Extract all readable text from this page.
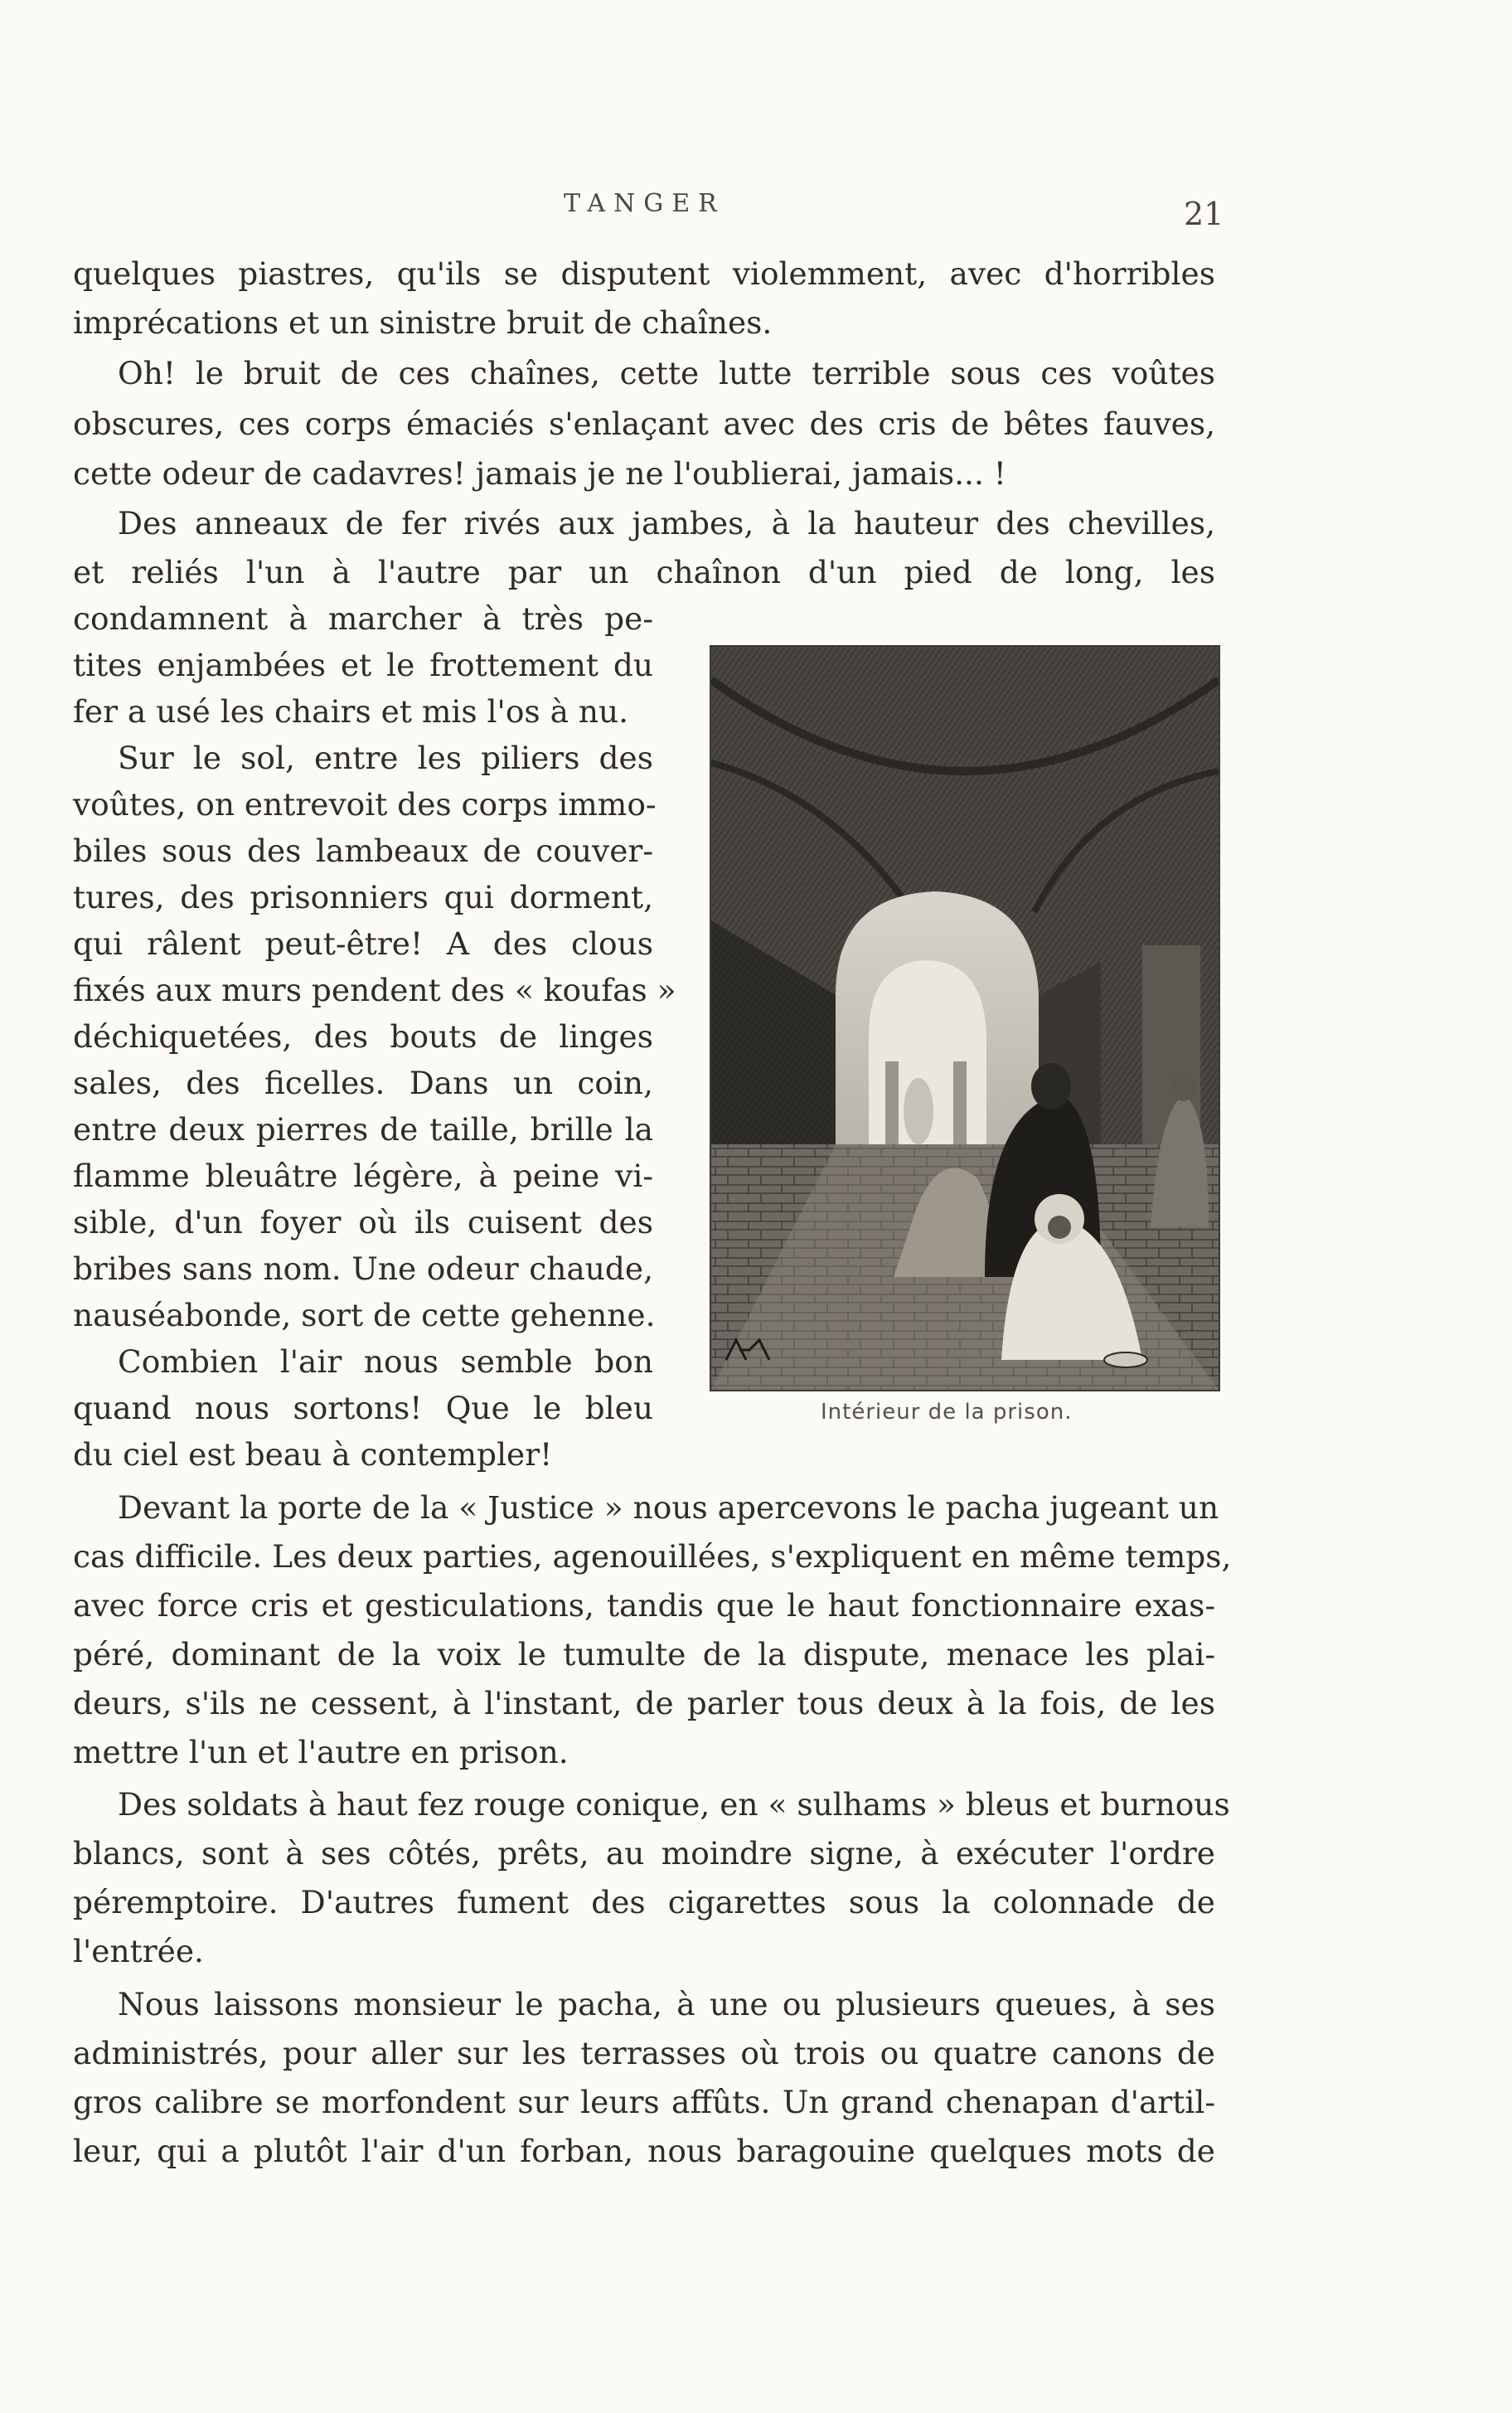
TANGER	21
quelques piastres, qu'ils se disputent violemment, avec d'horribles
imprécations et un sinistre bruit de chaînes.
Oh! le bruit de ces chaînes, cette lutte terrible sous ces voûtes
obscures, ces corps émaciés s'enlaçant avec des cris de bêtes fauves,
cette odeur de cadavres! jamais je ne l'oublierai, jamais... !
Des anneaux de fer rivés aux jambes, à la hauteur des chevilles,
et reliés l'un à l'autre par un chaînon d'un pied de long, les
condamnent à marcher à très pe-
tites enjambées et le frottement du
fer a usé les chairs et mis l'os à nu.
Sur le sol, entre les piliers des
voûtes, on entrevoit des corps immo-
biles sous des lambeaux de couver-
tures, des prisonniers qui dorment,
qui râlent peut-être! A des clous
fixés aux murs pendent des « koufas »
déchiquetées, des bouts de linges
sales, des ficelles. Dans un coin,
entre deux pierres de taille, brille la
flamme bleuâtre légère, à peine vi-
sible, d'un foyer où ils cuisent des
bribes sans nom. Une odeur chaude,
nauséabonde, sort de cette gehenne.
Combien l'air nous semble bon
quand nous sortons! Que le bleu
du ciel est beau à contempler!
Devant la porte de la « Justice » nous apercevons le pacha jugeant un
cas difficile. Les deux parties, agenouillées, s'expliquent en même temps,
avec force cris et gesticulations, tandis que le haut fonctionnaire exas-
péré, dominant de la voix le tumulte de la dispute, menace les plai-
deurs, s'ils ne cessent, à l'instant, de parler tous deux à la fois, de les
mettre l'un et l'autre en prison.
Des soldats à haut fez rouge conique, en « sulhams » bleus et burnous
blancs, sont à ses côtés, prêts, au moindre signe, à exécuter l'ordre
péremptoire. D'autres fument des cigarettes sous la colonnade de
l'entrée.
Nous laissons monsieur le pacha, à une ou plusieurs queues, à ses
administrés, pour aller sur les terrasses où trois ou quatre canons de
gros calibre se morfondent sur leurs affûts. Un grand chenapan d'artil-
leur, qui a plutôt l'air d'un forban, nous baragouine quelques mots de
Intérieur de la prison.
